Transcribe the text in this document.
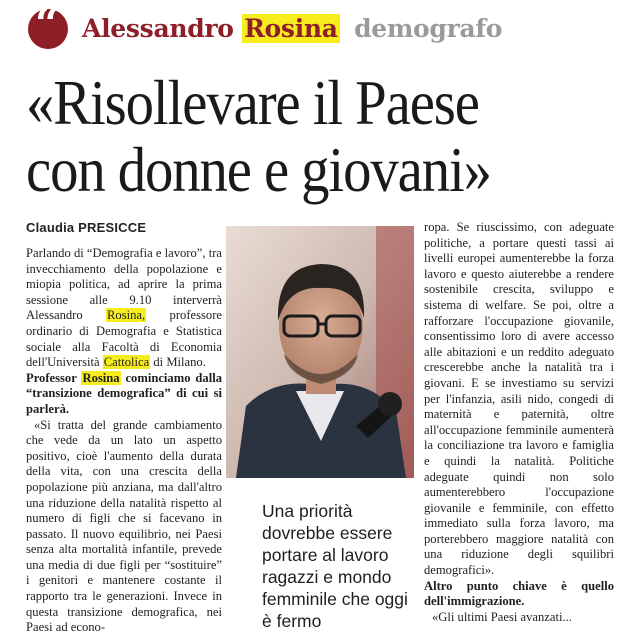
“ Alessandro Rosina demografo
«Risollevare il Paese
con donne e giovani»
Claudia PRESICCE

Parlando di “Demografia e lavoro”, tra invecchiamento della popolazione e miopia politica, ad aprire la prima sessione alle 9.10 interverrà Alessandro Rosina, professore ordinario di Demografia e Statistica sociale alla Facoltà di Economia dell'Università Cattolica di Milano.

Professor Rosina cominciamo dalla “transizione demografica” di cui si parlerà.

«Si tratta del grande cambiamento che vede da un lato un aspetto positivo, cioè l'aumento della durata della vita, con una crescita della popolazione più anziana, ma dall'altro una riduzione della natalità rispetto al numero di figli che si facevano in passato. Il nuovo equilibrio, nei Paesi senza alta mortalità infantile, prevede una media di due figli per “sostituire” i genitori e mantenere costante il rapporto tra le generazioni. Invece in questa transizione demografica, nei Paesi ad econo-

Una priorità dovrebbe essere portare al lavoro ragazzi e mondo femminile che oggi è fermo

ropa. Se riuscissimo, con adeguate politiche, a portare questi tassi ai livelli europei aumenterebbe la forza lavoro e questo aiuterebbe a rendere sostenibile crescita, sviluppo e sistema di welfare. Se poi, oltre a rafforzare l'occupazione giovanile, consentissimo loro di avere accesso alle abitazioni e un reddito adeguato crescerebbe anche la natalità tra i giovani. E se investiamo su servizi per l'infanzia, asili nido, congedi di maternità e paternità, oltre all'occupazione femminile aumenterà la conciliazione tra lavoro e famiglia e quindi la natalità. Politiche adeguate quindi non solo aumenterebbero l'occupazione giovanile e femminile, con effetto immediato sulla forza lavoro, ma porterebbero maggiore natalità con una riduzione degli squilibri demografici».

Altro punto chiave è quello dell'immigrazione.

«Gli ultimi Paesi avanzati...
